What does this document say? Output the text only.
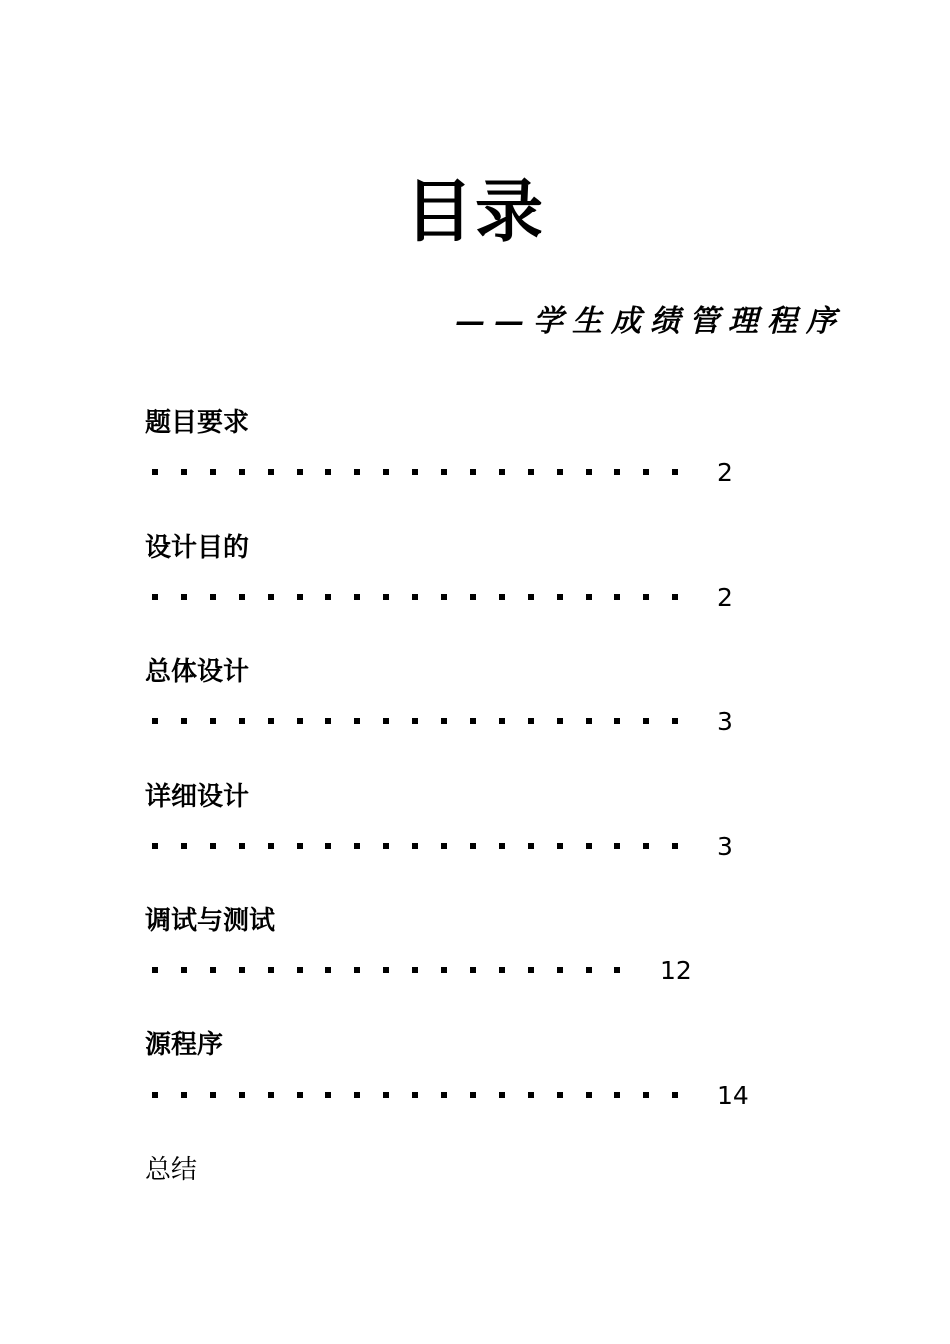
目录
——学生成绩管理程序
题目要求
2
设计目的
2
总体设计
3
详细设计
3
调试与测试
12
源程序
14
总结
